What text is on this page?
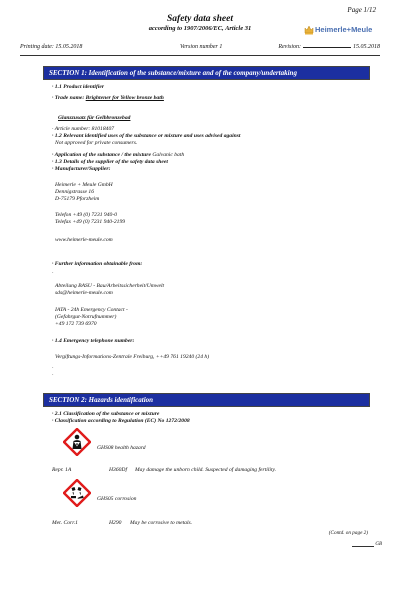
Page 1/12
Safety data sheet
according to 1907/2006/EC, Article 31	Heimerle+Meule
Printing date: 15.05.2018	Version number 1	Revision:	15.05.2018
SECTION 1: Identification of the substance/mixture and of the company/undertaking
· 1.1 Product identifier
· Trade name: Brightener for Yellow bronze bath
Glanzzusatz für Gelbbronzebad
· Article number: 81018407
· 1.2 Relevant identified uses of the substance or mixture and uses advised against
Not approved for private consumers.
· Application of the substance / the mixture Galvanic bath
· 1.3 Details of the supplier of the safety data sheet
· Manufacturer/Supplier:
Heimerle + Meule GmbH
Dennigstrasse 16
D-75179 Pforzheim
Telefon +49 (0) 7231 940-0
Telefax +49 (0) 7231 940-2199
www.heimerle-meule.com
· Further information obtainable from:
·
Abteilung BASU - Bau/Arbeitssicherheit/Umwelt
sds@heimerle-meule.com
IATA - 24h Emergency Contact -
(Gefahrgut-Notrufnummer)
+49 172 739 6970
· 1.4 Emergency telephone number:
Vergiftungs-Informations-Zentrale Freiburg, ++49 761 19240 (24 h)
·
·
SECTION 2: Hazards identification
· 2.1 Classification of the substance or mixture
· Classification according to Regulation (EC) No 1272/2008
GHS08 health hazard
Repr. 1A	H360Df May damage the unborn child. Suspected of damaging fertility.
GHS05 corrosion
Met. Corr.1	H290 May be corrosive to metals.
(Contd. on page 2)
GB
